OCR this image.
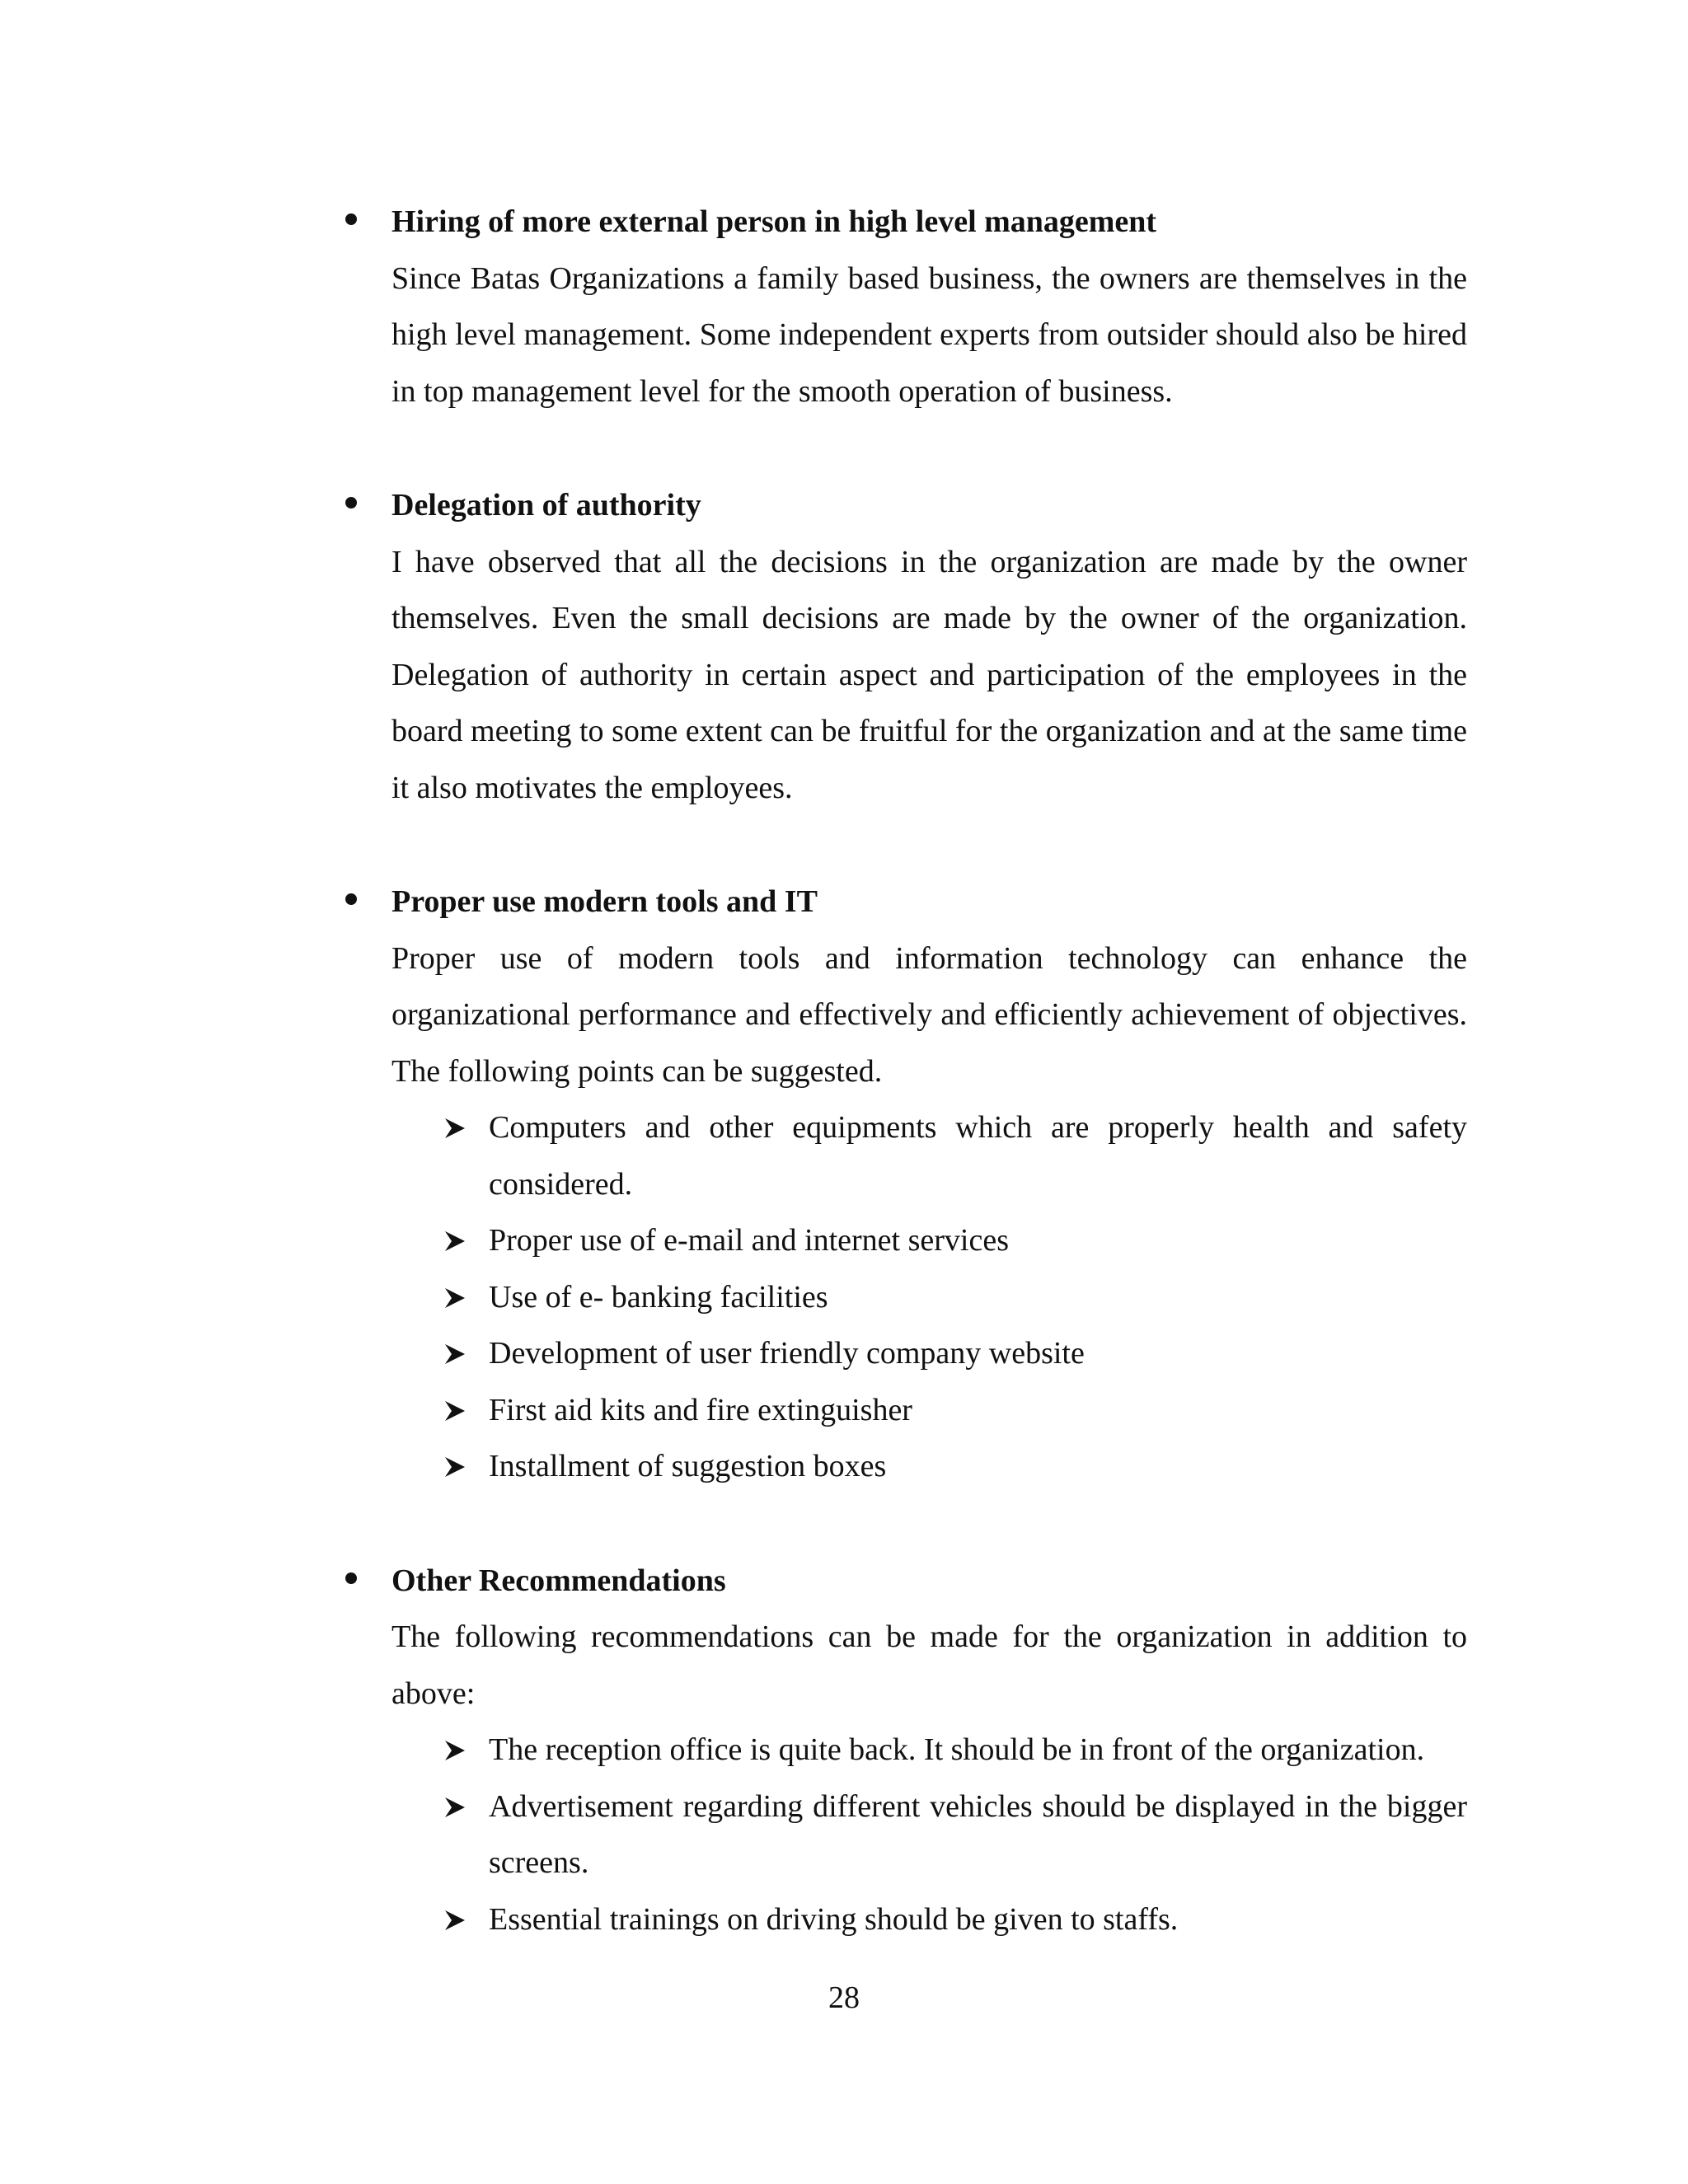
Hiring of more external person in high level management

Since Batas Organizations a family based business, the owners are themselves in the high level management. Some independent experts from outsider should also be hired in top management level for the smooth operation of business.

Delegation of authority

I have observed that all the decisions in the organization are made by the owner themselves. Even the small decisions are made by the owner of the organization. Delegation of authority in certain aspect and participation of the employees in the board meeting to some extent can be fruitful for the organization and at the same time it also motivates the employees.

Proper use modern tools and IT

Proper use of modern tools and information technology can enhance the organizational performance and effectively and efficiently achievement of objectives. The following points can be suggested.

Computers and other equipments which are properly health and safety considered.
Proper use of e-mail and internet services
Use of e- banking facilities
Development of user friendly company website
First aid kits and fire extinguisher
Installment of suggestion boxes
Other Recommendations

The following recommendations can be made for the organization in addition to above:

The reception office is quite back. It should be in front of the organization.
Advertisement regarding different vehicles should be displayed in the bigger screens.
Essential trainings on driving should be given to staffs.
28
